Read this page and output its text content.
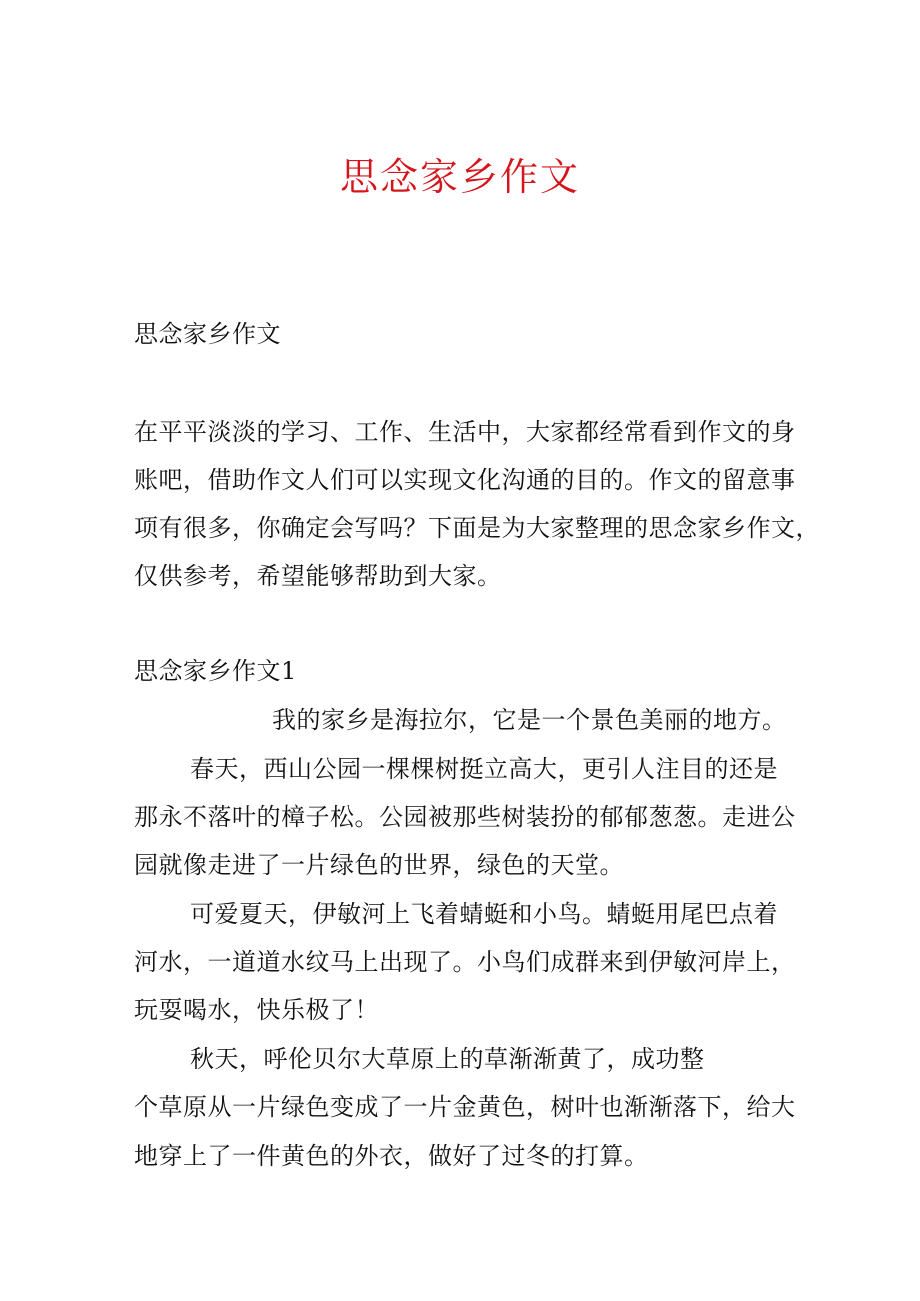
思念家乡作文

思念家乡作文

在平平淡淡的学习、工作、生活中，大家都经常看到作文的身

账吧，借助作文人们可以实现文化沟通的目的。作文的留意事

项有很多，你确定会写吗？下面是为大家整理的思念家乡作文，

仅供参考，希望能够帮助到大家。

思念家乡作文1

我的家乡是海拉尔，它是一个景色美丽的地方。

春天，西山公园一棵棵树挺立高大，更引人注目的还是

那永不落叶的樟子松。公园被那些树装扮的郁郁葱葱。走进公

园就像走进了一片绿色的世界，绿色的天堂。

可爱夏天，伊敏河上飞着蜻蜓和小鸟。蜻蜓用尾巴点着

河水，一道道水纹马上出现了。小鸟们成群来到伊敏河岸上，

玩耍喝水，快乐极了！

秋天，呼伦贝尔大草原上的草渐渐黄了，成功整

个草原从一片绿色变成了一片金黄色，树叶也渐渐落下，给大

地穿上了一件黄色的外衣，做好了过冬的打算。
